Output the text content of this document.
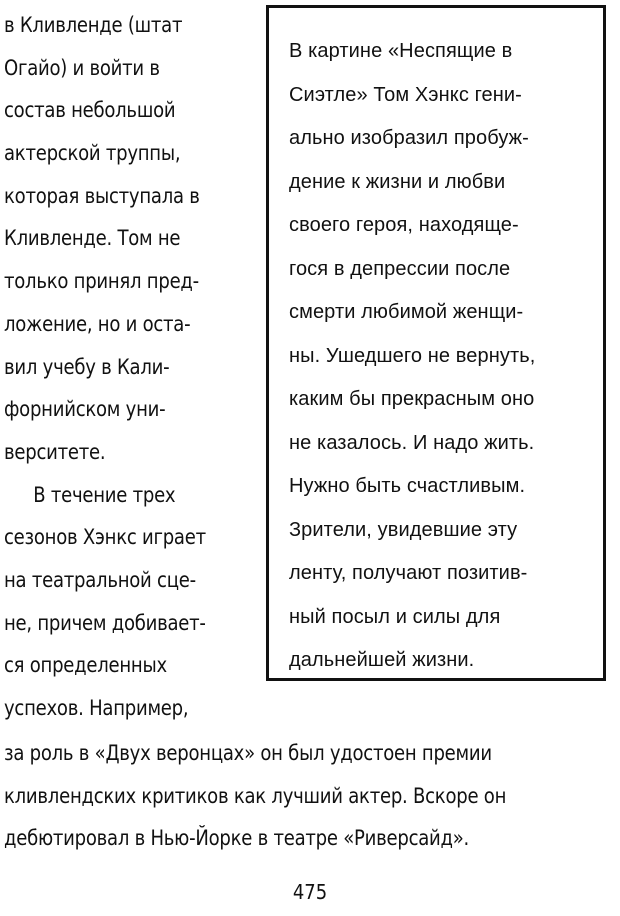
в Кливленде (штат
Огайо) и войти в
состав небольшой
актерской труппы,
которая выступала в
Кливленде. Том не
только принял пред-
ложение, но и оста-
вил учебу в Кали-
форнийском уни-
верситете.
В течение трех
сезонов Хэнкс играет
на театральной сце-
не, причем добивает-
ся определенных
успехов. Например,
В картине «Неспящие в
Сиэтле» Том Хэнкс гени-
ально изобразил пробуж-
дение к жизни и любви
своего героя, находяще-
гося в депрессии после
смерти любимой женщи-
ны. Ушедшего не вернуть,
каким бы прекрасным оно
не казалось. И надо жить.
Нужно быть счастливым.
Зрители, увидевшие эту
ленту, получают позитив-
ный посыл и силы для
дальнейшей жизни.
за роль в «Двух веронцах» он был удостоен премии
кливлендских критиков как лучший актер. Вскоре он
дебютировал в Нью-Йорке в театре «Риверсайд».
475
